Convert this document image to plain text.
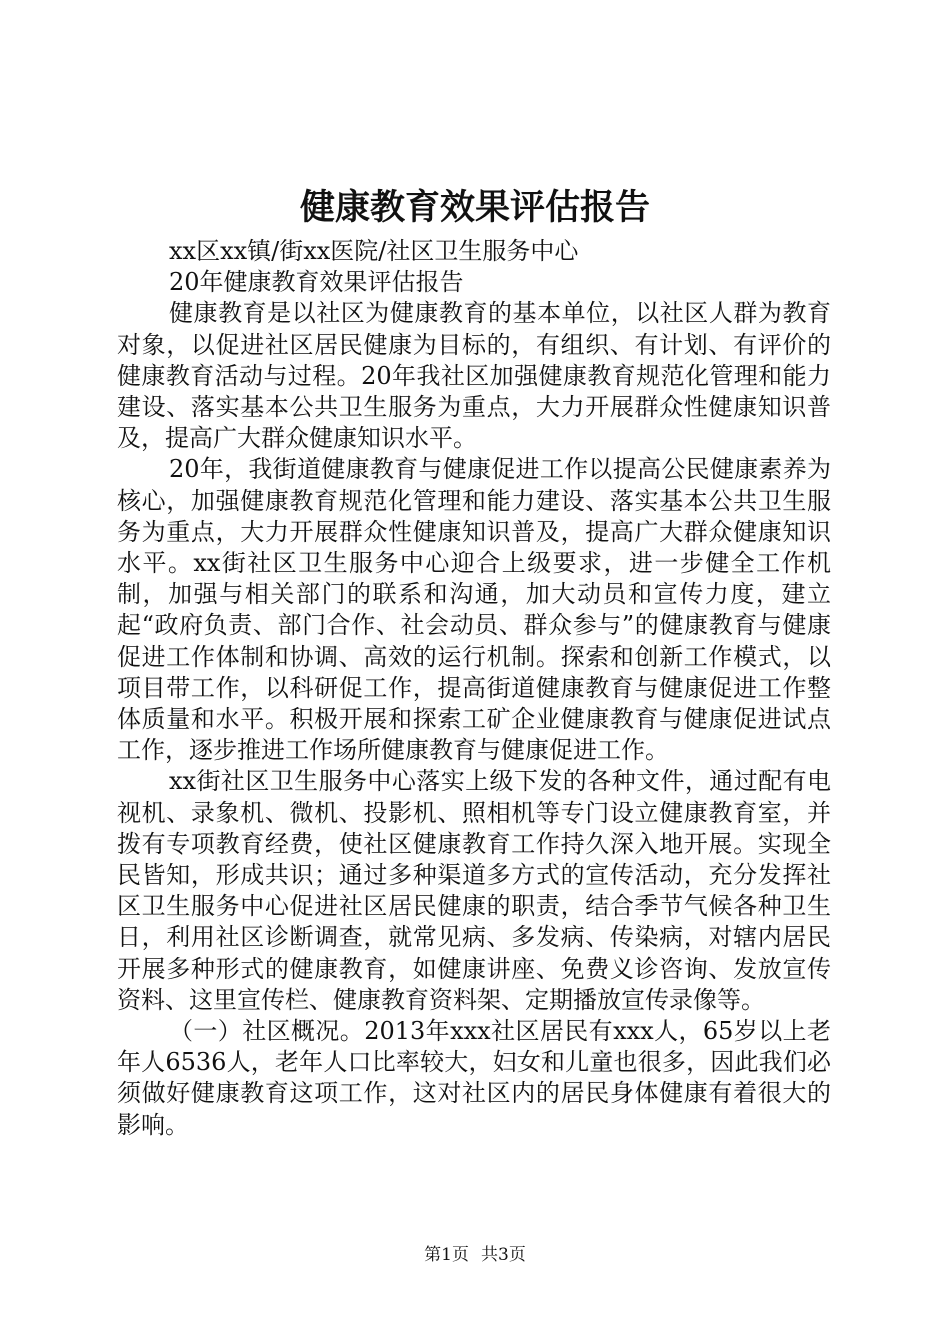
健康教育效果评估报告

xx区xx镇/街xx医院/社区卫生服务中心

20年健康教育效果评估报告

健康教育是以社区为健康教育的基本单位，以社区人群为教育对象，以促进社区居民健康为目标的，有组织、有计划、有评价的健康教育活动与过程。20年我社区加强健康教育规范化管理和能力建设、落实基本公共卫生服务为重点，大力开展群众性健康知识普及，提高广大群众健康知识水平。

20年，我街道健康教育与健康促进工作以提高公民健康素养为核心，加强健康教育规范化管理和能力建设、落实基本公共卫生服务为重点，大力开展群众性健康知识普及，提高广大群众健康知识水平。xx街社区卫生服务中心迎合上级要求，进一步健全工作机制，加强与相关部门的联系和沟通，加大动员和宣传力度，建立起“政府负责、部门合作、社会动员、群众参与”的健康教育与健康促进工作体制和协调、高效的运行机制。探索和创新工作模式，以项目带工作，以科研促工作，提高街道健康教育与健康促进工作整体质量和水平。积极开展和探索工矿企业健康教育与健康促进试点工作，逐步推进工作场所健康教育与健康促进工作。

xx街社区卫生服务中心落实上级下发的各种文件，通过配有电视机、录象机、微机、投影机、照相机等专门设立健康教育室，并拨有专项教育经费，使社区健康教育工作持久深入地开展。实现全民皆知，形成共识；通过多种渠道多方式的宣传活动，充分发挥社区卫生服务中心促进社区居民健康的职责，结合季节气候各种卫生日，利用社区诊断调查，就常见病、多发病、传染病，对辖内居民开展多种形式的健康教育，如健康讲座、免费义诊咨询、发放宣传资料、这里宣传栏、健康教育资料架、定期播放宣传录像等。

（一）社区概况。2013年xxx社区居民有xxx人，65岁以上老年人6536人，老年人口比率较大，妇女和儿童也很多，因此我们必须做好健康教育这项工作，这对社区内的居民身体健康有着很大的影响。

第1页 共3页
